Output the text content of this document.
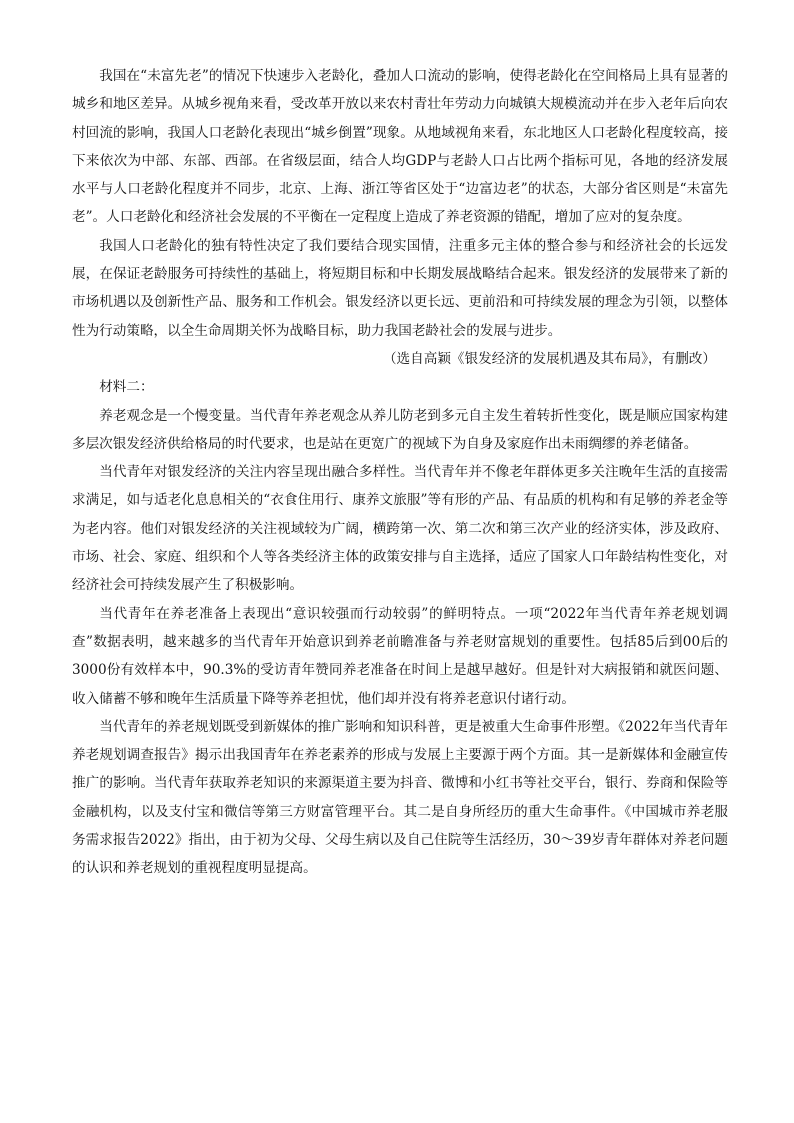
我国在“未富先老”的情况下快速步入老龄化，叠加人口流动的影响，使得老龄化在空间格局上具有显著的城乡和地区差异。从城乡视角来看，受改革开放以来农村青壮年劳动力向城镇大规模流动并在步入老年后向农村回流的影响，我国人口老龄化表现出“城乡倒置”现象。从地域视角来看，东北地区人口老龄化程度较高，接下来依次为中部、东部、西部。在省级层面，结合人均GDP与老龄人口占比两个指标可见，各地的经济发展水平与人口老龄化程度并不同步，北京、上海、浙江等省区处于“边富边老”的状态，大部分省区则是“未富先老”。人口老龄化和经济社会发展的不平衡在一定程度上造成了养老资源的错配，增加了应对的复杂度。

我国人口老龄化的独有特性决定了我们要结合现实国情，注重多元主体的整合参与和经济社会的长远发展，在保证老龄服务可持续性的基础上，将短期目标和中长期发展战略结合起来。银发经济的发展带来了新的市场机遇以及创新性产品、服务和工作机会。银发经济以更长远、更前沿和可持续发展的理念为引领，以整体性为行动策略，以全生命周期关怀为战略目标，助力我国老龄社会的发展与进步。

（选自高颖《银发经济的发展机遇及其布局》，有删改）

材料二：

养老观念是一个慢变量。当代青年养老观念从养儿防老到多元自主发生着转折性变化，既是顺应国家构建多层次银发经济供给格局的时代要求，也是站在更宽广的视域下为自身及家庭作出未雨绸缪的养老储备。

当代青年对银发经济的关注内容呈现出融合多样性。当代青年并不像老年群体更多关注晚年生活的直接需求满足，如与适老化息息相关的“衣食住用行、康养文旅服”等有形的产品、有品质的机构和有足够的养老金等为老内容。他们对银发经济的关注视域较为广阔，横跨第一次、第二次和第三次产业的经济实体，涉及政府、市场、社会、家庭、组织和个人等各类经济主体的政策安排与自主选择，适应了国家人口年龄结构性变化，对经济社会可持续发展产生了积极影响。

当代青年在养老准备上表现出“意识较强而行动较弱”的鲜明特点。一项“2022年当代青年养老规划调查”数据表明，越来越多的当代青年开始意识到养老前瞻准备与养老财富规划的重要性。包括85后到00后的3000份有效样本中，90.3%的受访青年赞同养老准备在时间上是越早越好。但是针对大病报销和就医问题、收入储蓄不够和晚年生活质量下降等养老担忧，他们却并没有将养老意识付诸行动。

当代青年的养老规划既受到新媒体的推广影响和知识科普，更是被重大生命事件形塑。《2022年当代青年养老规划调查报告》揭示出我国青年在养老素养的形成与发展上主要源于两个方面。其一是新媒体和金融宣传推广的影响。当代青年获取养老知识的来源渠道主要为抖音、微博和小红书等社交平台，银行、券商和保险等金融机构，以及支付宝和微信等第三方财富管理平台。其二是自身所经历的重大生命事件。《中国城市养老服务需求报告2022》指出，由于初为父母、父母生病以及自己住院等生活经历，30～39岁青年群体对养老问题的认识和养老规划的重视程度明显提高。
